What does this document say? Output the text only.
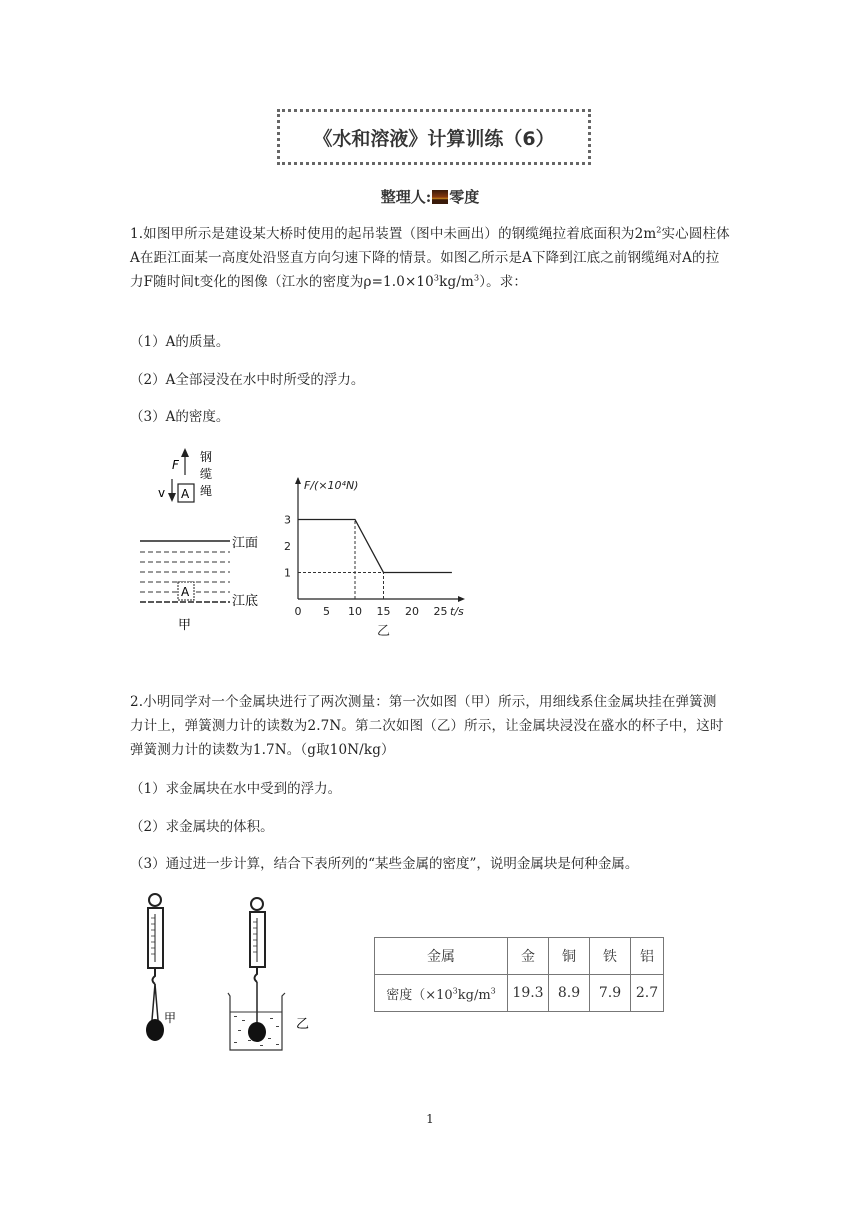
《水和溶液》计算训练（6）
整理人: 零度
1.如图甲所示是建设某大桥时使用的起吊装置（图中未画出）的钢缆绳拉着底面积为$2m^2$实心圆柱体A在距江面某一高度处沿竖直方向匀速下降的情景。如图乙所示是A下降到江底之前钢缆绳对A的拉力F随时间t变化的图像（江水的密度为$\rho=1.0\times 10^3kg/m^3$）。求：
（1）A的质量。
（2）A全部浸没在水中时所受的浮力。
（3）A的密度。
F
v A
钢 缆 绳
A
江面
江底
甲
0 5 10 15 20 25
1
2
3
F/(×10⁴N)
t/s
乙
2.小明同学对一个金属块进行了两次测量：第一次如图（甲）所示，用细线系住金属块挂在弹簧测力计上，弹簧测力计的读数为2.7N。第二次如图（乙）所示，让金属块浸没在盛水的杯子中，这时弹簧测力计的读数为1.7N。（g取10N/kg）
（1）求金属块在水中受到的浮力。
（2）求金属块的体积。
（3）通过进一步计算，结合下表所列的“某些金属的密度”，说明金属块是何种金属。
甲	乙
金属	金	铜	铁	铝
密度（$\times 10^3kg/m^3$	19.3	8.9	7.9	2.7
1
